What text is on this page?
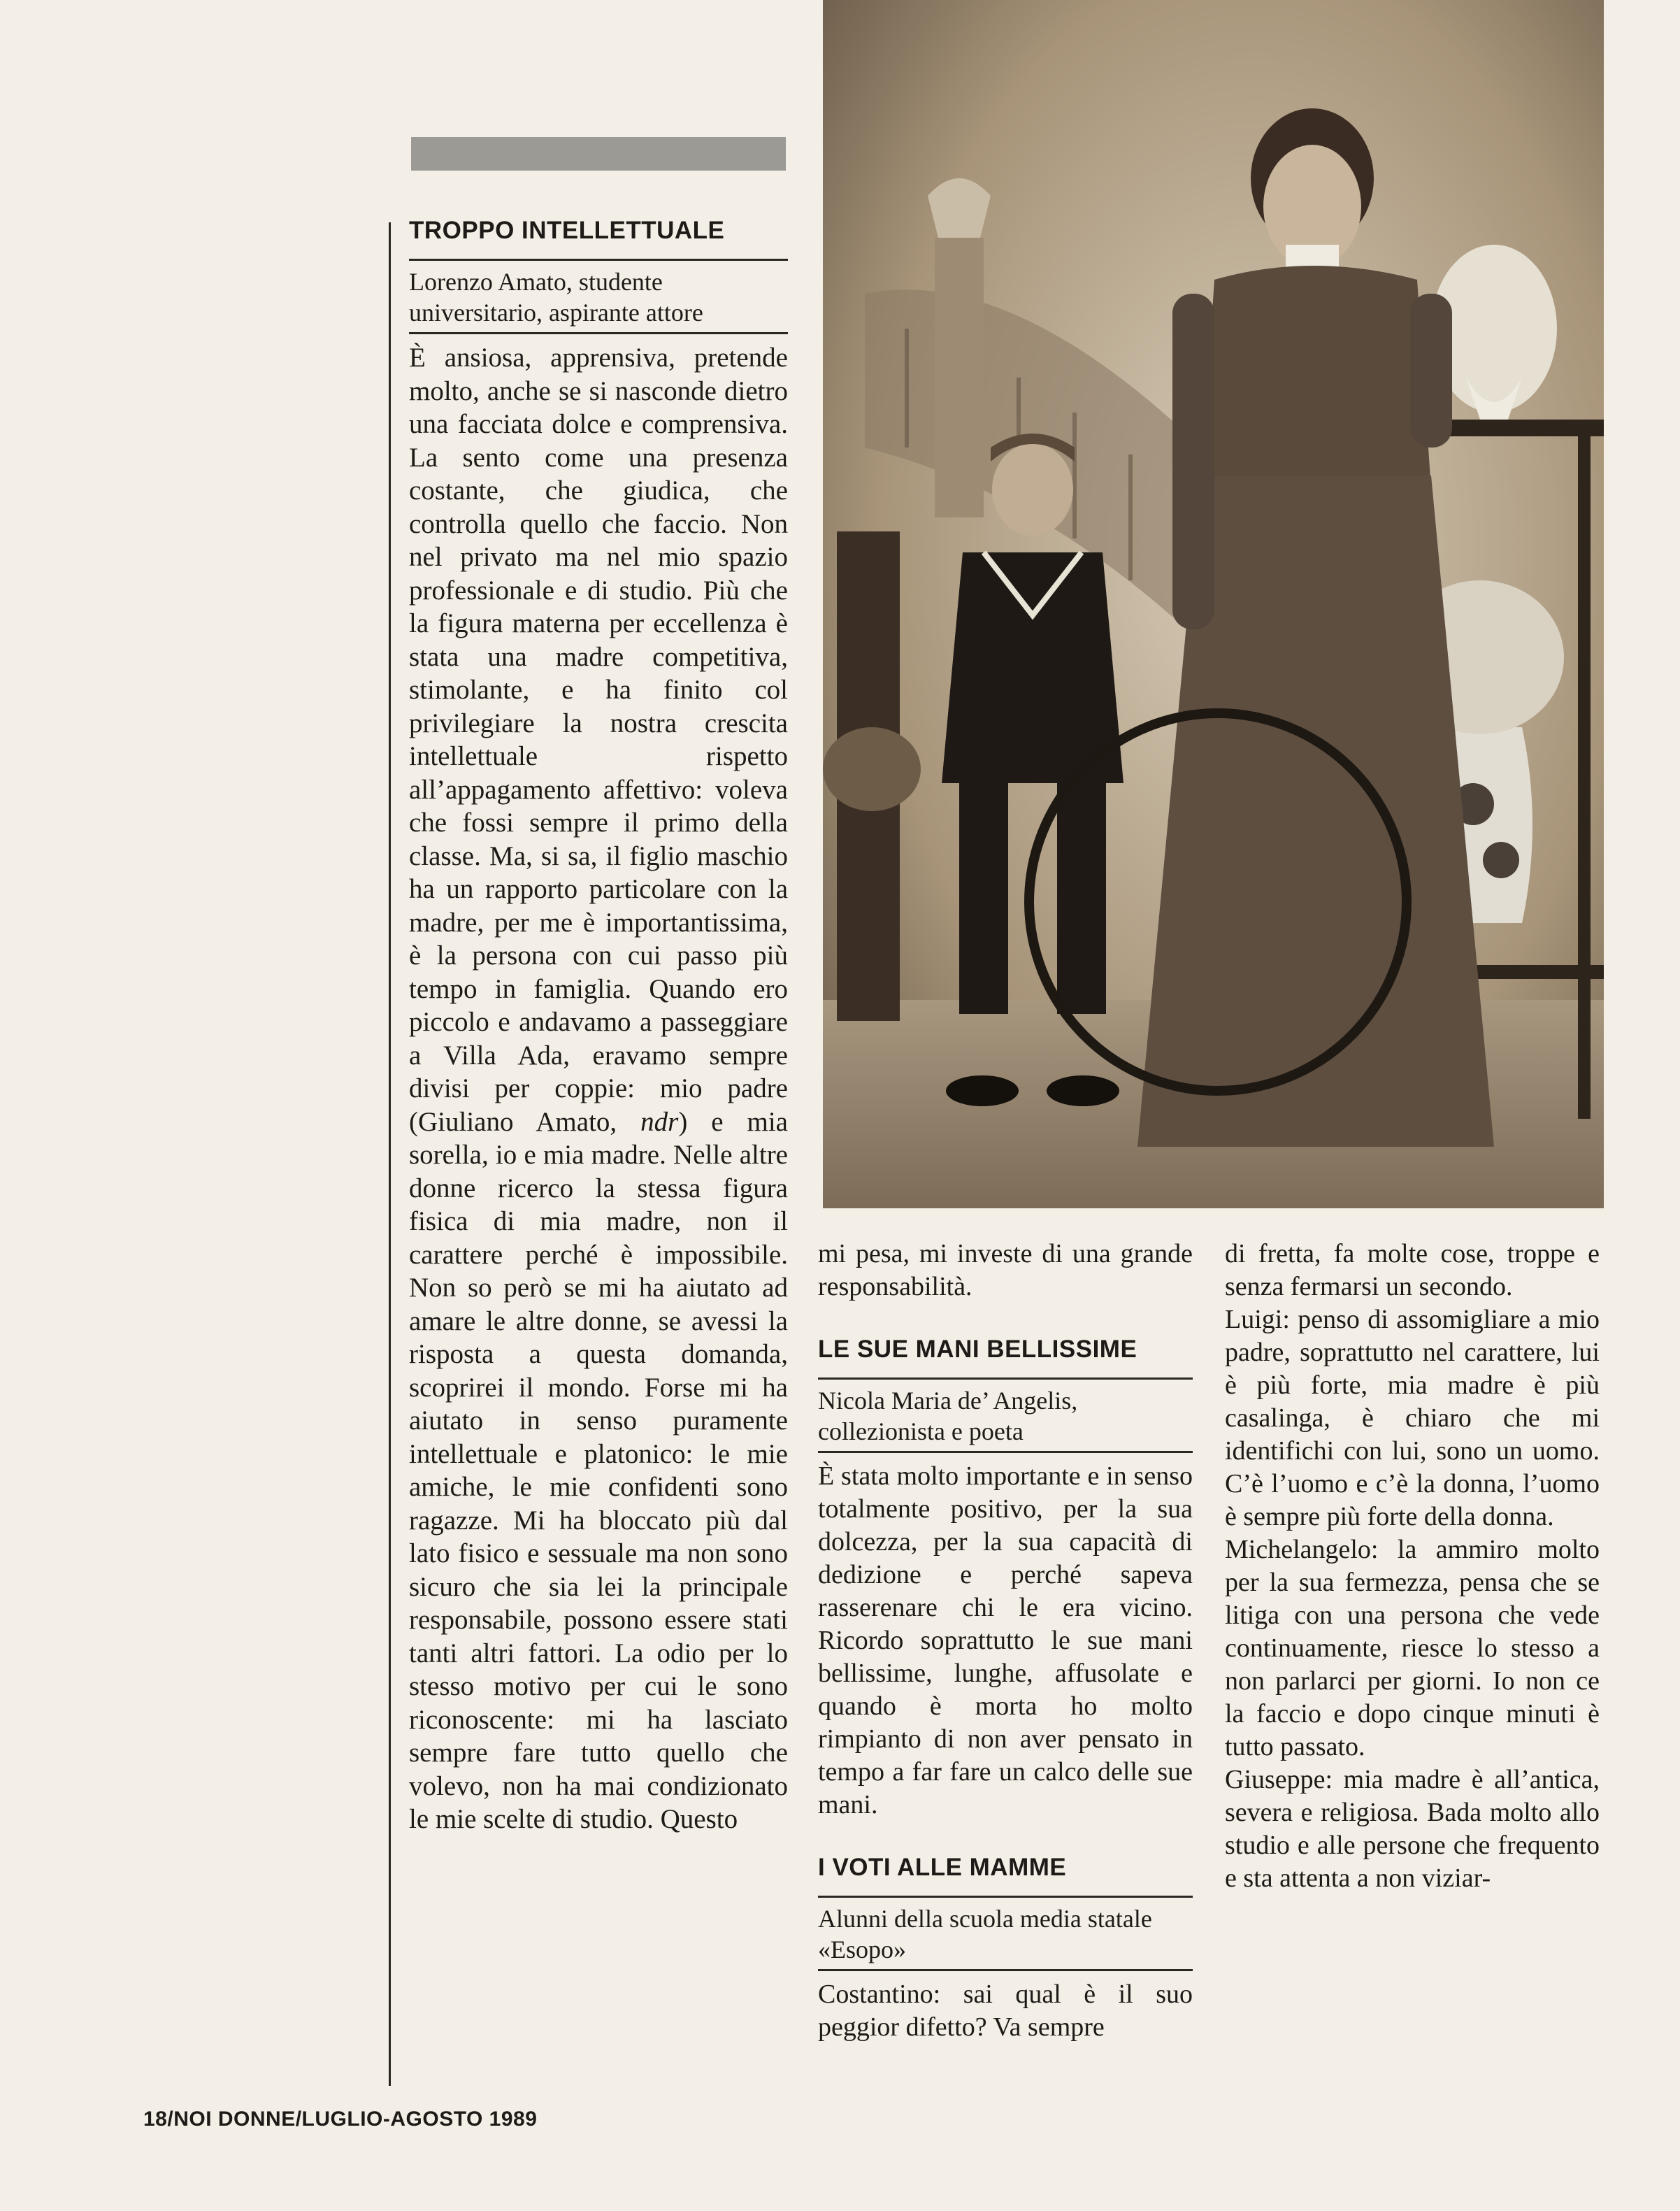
TROPPO INTELLETTUALE
Lorenzo Amato, studente universitario, aspirante attore

È ansiosa, apprensiva, pretende molto, anche se si nasconde dietro una facciata dolce e comprensiva. La sento come una presenza costante, che giudica, che controlla quello che faccio. Non nel privato ma nel mio spazio professionale e di studio. Più che la figura materna per eccellenza è stata una madre competitiva, stimolante, e ha finito col privilegiare la nostra crescita intellettuale rispetto all’appagamento affettivo: voleva che fossi sempre il primo della classe. Ma, si sa, il figlio maschio ha un rapporto particolare con la madre, per me è importantissima, è la persona con cui passo più tempo in famiglia. Quando ero piccolo e andavamo a passeggiare a Villa Ada, eravamo sempre divisi per coppie: mio padre (Giuliano Amato, ndr) e mia sorella, io e mia madre. Nelle altre donne ricerco la stessa figura fisica di mia madre, non il carattere perché è impossibile. Non so però se mi ha aiutato ad amare le altre donne, se avessi la risposta a questa domanda, scoprirei il mondo. Forse mi ha aiutato in senso puramente intellettuale e platonico: le mie amiche, le mie confidenti sono ragazze. Mi ha bloccato più dal lato fisico e sessuale ma non sono sicuro che sia lei la principale responsabile, possono essere stati tanti altri fattori. La odio per lo stesso motivo per cui le sono riconoscente: mi ha lasciato sempre fare tutto quello che volevo, non ha mai condizionato le mie scelte di studio. Questo

mi pesa, mi investe di una grande responsabilità.

LE SUE MANI BELLISSIME
Nicola Maria de’ Angelis, collezionista e poeta

È stata molto importante e in senso totalmente positivo, per la sua dolcezza, per la sua capacità di dedizione e perché sapeva rasserenare chi le era vicino. Ricordo soprattutto le sue mani bellissime, lunghe, affusolate e quando è morta ho molto rimpianto di non aver pensato in tempo a far fare un calco delle sue mani.

I VOTI ALLE MAMME
Alunni della scuola media statale «Esopo»

Costantino: sai qual è il suo peggior difetto? Va sempre

di fretta, fa molte cose, troppe e senza fermarsi un secondo.

Luigi: penso di assomigliare a mio padre, soprattutto nel carattere, lui è più forte, mia madre è più casalinga, è chiaro che mi identifichi con lui, sono un uomo. C’è l’uomo e c’è la donna, l’uomo è sempre più forte della donna.

Michelangelo: la ammiro molto per la sua fermezza, pensa che se litiga con una persona che vede continuamente, riesce lo stesso a non parlarci per giorni. Io non ce la faccio e dopo cinque minuti è tutto passato.

Giuseppe: mia madre è all’antica, severa e religiosa. Bada molto allo studio e alle persone che frequento e sta attenta a non viziar-

18/NOI DONNE/LUGLIO-AGOSTO 1989
